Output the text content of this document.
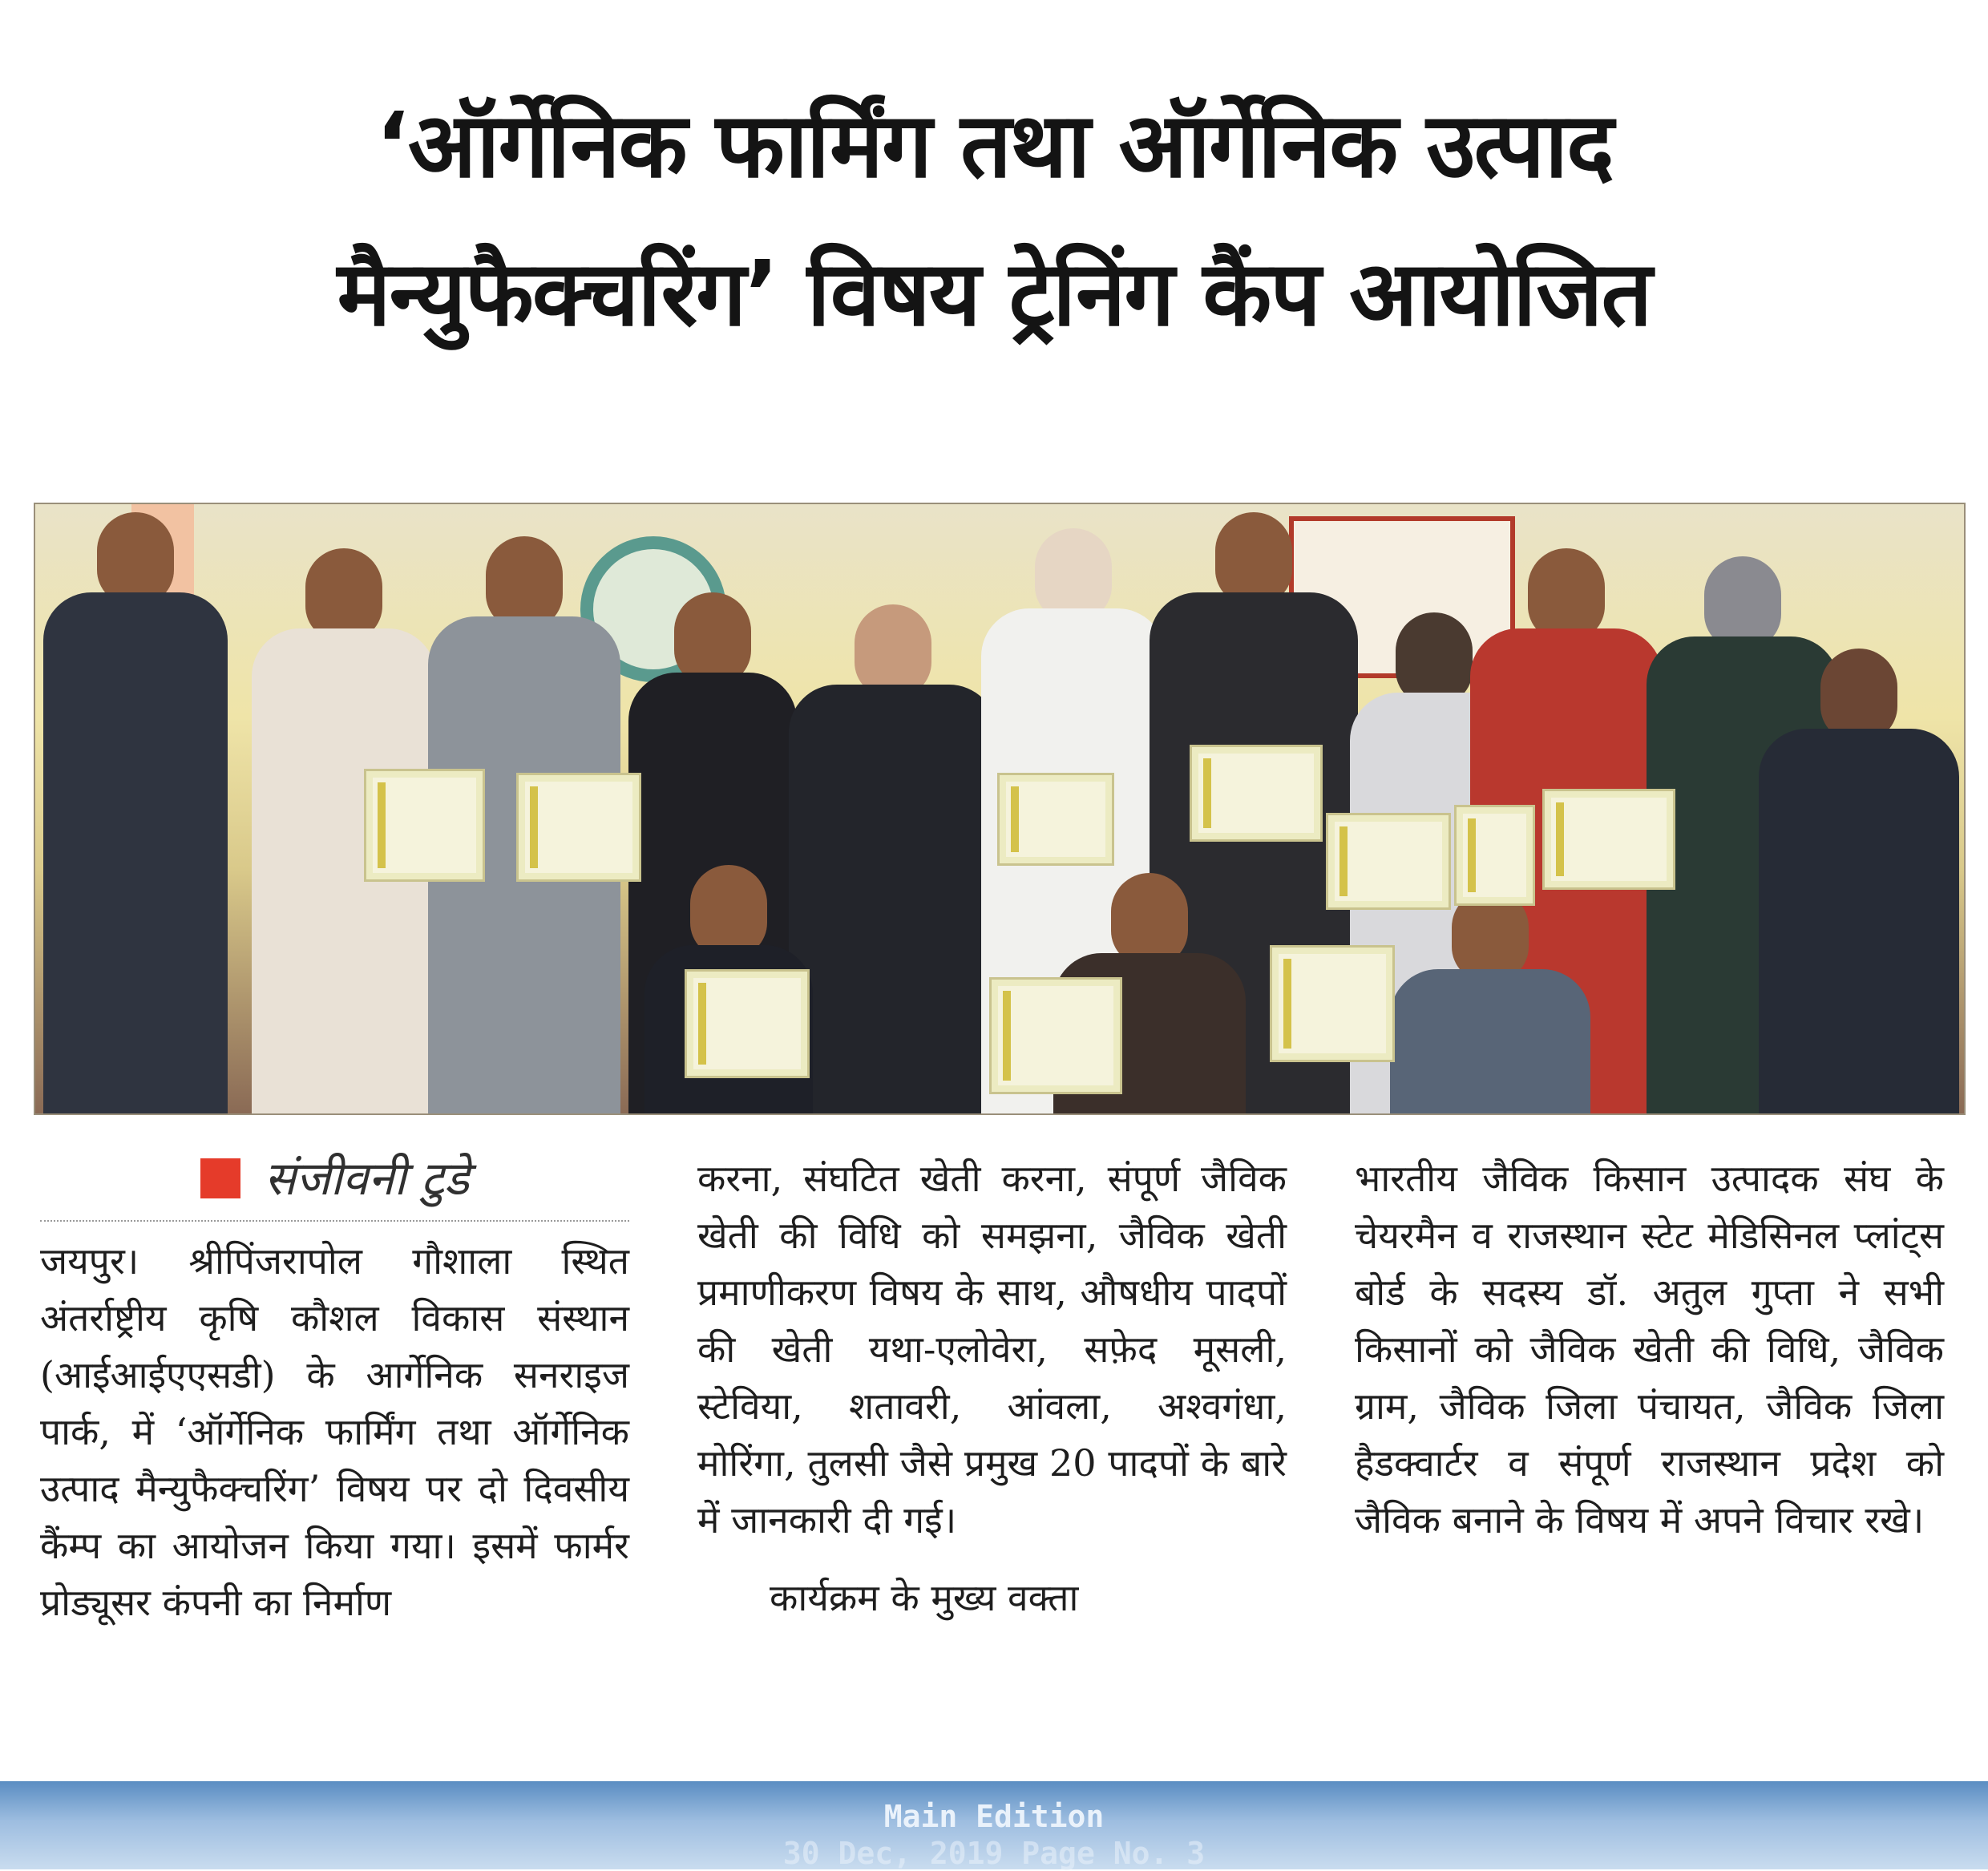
‘ऑर्गेनिक फार्मिंग तथा ऑर्गेनिक उत्पाद
मैन्युफैक्चरिंग’ विषय ट्रेनिंग कैंप आयोजित
संजीवनी टुडे
जयपुर। श्रीपिंजरापोल गौशाला स्थित अंतर्राष्ट्रीय कृषि कौशल विकास संस्थान (आईआईएएसडी) के आर्गेनिक सनराइज पार्क, में ‘ऑर्गेनिक फार्मिंग तथा ऑर्गेनिक उत्पाद मैन्युफैक्चरिंग’ विषय पर दो दिवसीय कैंम्प का आयोजन किया गया। इसमें फार्मर प्रोड्यूसर कंपनी का निर्माण
करना, संघटित खेती करना, संपूर्ण जैविक खेती की विधि को समझना, जैविक खेती प्रमाणीकरण विषय के साथ, औषधीय पादपों की खेती यथा-एलोवेरा, सफ़ेद मूसली, स्टेविया, शतावरी, आंवला, अश्वगंधा, मोरिंगा, तुलसी जैसे प्रमुख 20 पादपों के बारे में जानकारी दी गई।
कार्यक्रम के मुख्य वक्ता
भारतीय जैविक किसान उत्पादक संघ के चेयरमैन व राजस्थान स्टेट मेडिसिनल प्लांट्स बोर्ड के सदस्य डॉ. अतुल गुप्ता ने सभी किसानों को जैविक खेती की विधि, जैविक ग्राम, जैविक जिला पंचायत, जैविक जिला हैडक्वार्टर व संपूर्ण राजस्थान प्रदेश को जैविक बनाने के विषय में अपने विचार रखे।
Main Edition
30 Dec, 2019 Page No. 3
